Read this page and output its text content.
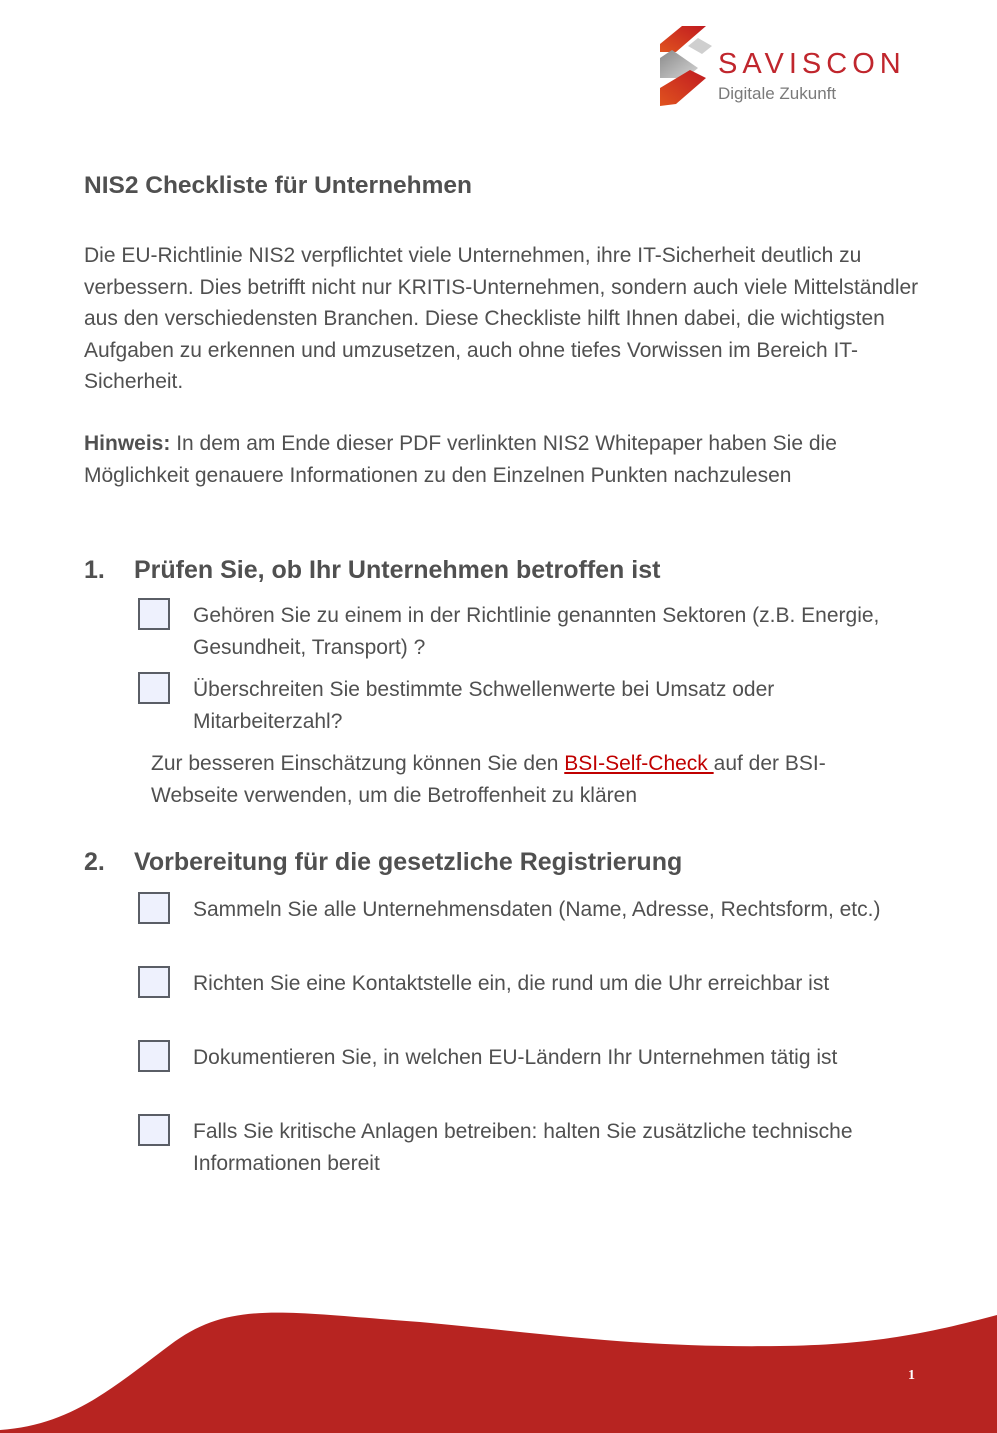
SAVISCON
Digitale Zukunft
NIS2 Checkliste für Unternehmen

Die EU-Richtlinie NIS2 verpflichtet viele Unternehmen, ihre IT-Sicherheit deutlich zu verbessern. Dies betrifft nicht nur KRITIS-Unternehmen, sondern auch viele Mittelständler aus den verschiedensten Branchen. Diese Checkliste hilft Ihnen dabei, die wichtigsten Aufgaben zu erkennen und umzusetzen, auch ohne tiefes Vorwissen im Bereich IT-Sicherheit.

Hinweis: In dem am Ende dieser PDF verlinkten NIS2 Whitepaper haben Sie die Möglichkeit genauere Informationen zu den Einzelnen Punkten nachzulesen

1. Prüfen Sie, ob Ihr Unternehmen betroffen ist
Gehören Sie zu einem in der Richtlinie genannten Sektoren (z.B. Energie, Gesundheit, Transport) ?
Überschreiten Sie bestimmte Schwellenwerte bei Umsatz oder Mitarbeiterzahl?

Zur besseren Einschätzung können Sie den BSI-Self-Check auf der BSI-Webseite verwenden, um die Betroffenheit zu klären

2. Vorbereitung für die gesetzliche Registrierung
Sammeln Sie alle Unternehmensdaten (Name, Adresse, Rechtsform, etc.)
Richten Sie eine Kontaktstelle ein, die rund um die Uhr erreichbar ist
Dokumentieren Sie, in welchen EU-Ländern Ihr Unternehmen tätig ist
Falls Sie kritische Anlagen betreiben: halten Sie zusätzliche technische Informationen bereit
1
